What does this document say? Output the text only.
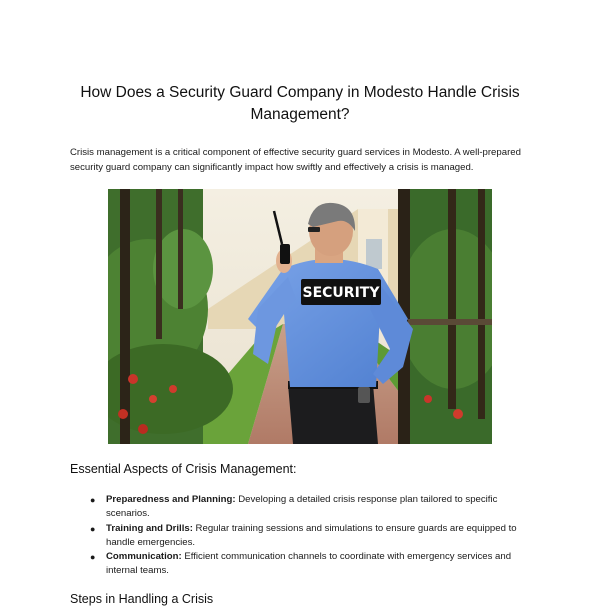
How Does a Security Guard Company in Modesto Handle Crisis Management?

Crisis management is a critical component of effective security guard services in Modesto. A well-prepared security guard company can significantly impact how swiftly and effectively a crisis is managed.

SECURITY
Essential Aspects of Crisis Management:
● Preparedness and Planning: Developing a detailed crisis response plan tailored to specific scenarios.
● Training and Drills: Regular training sessions and simulations to ensure guards are equipped to handle emergencies.
● Communication: Efficient communication channels to coordinate with emergency services and internal teams.
Steps in Handling a Crisis
